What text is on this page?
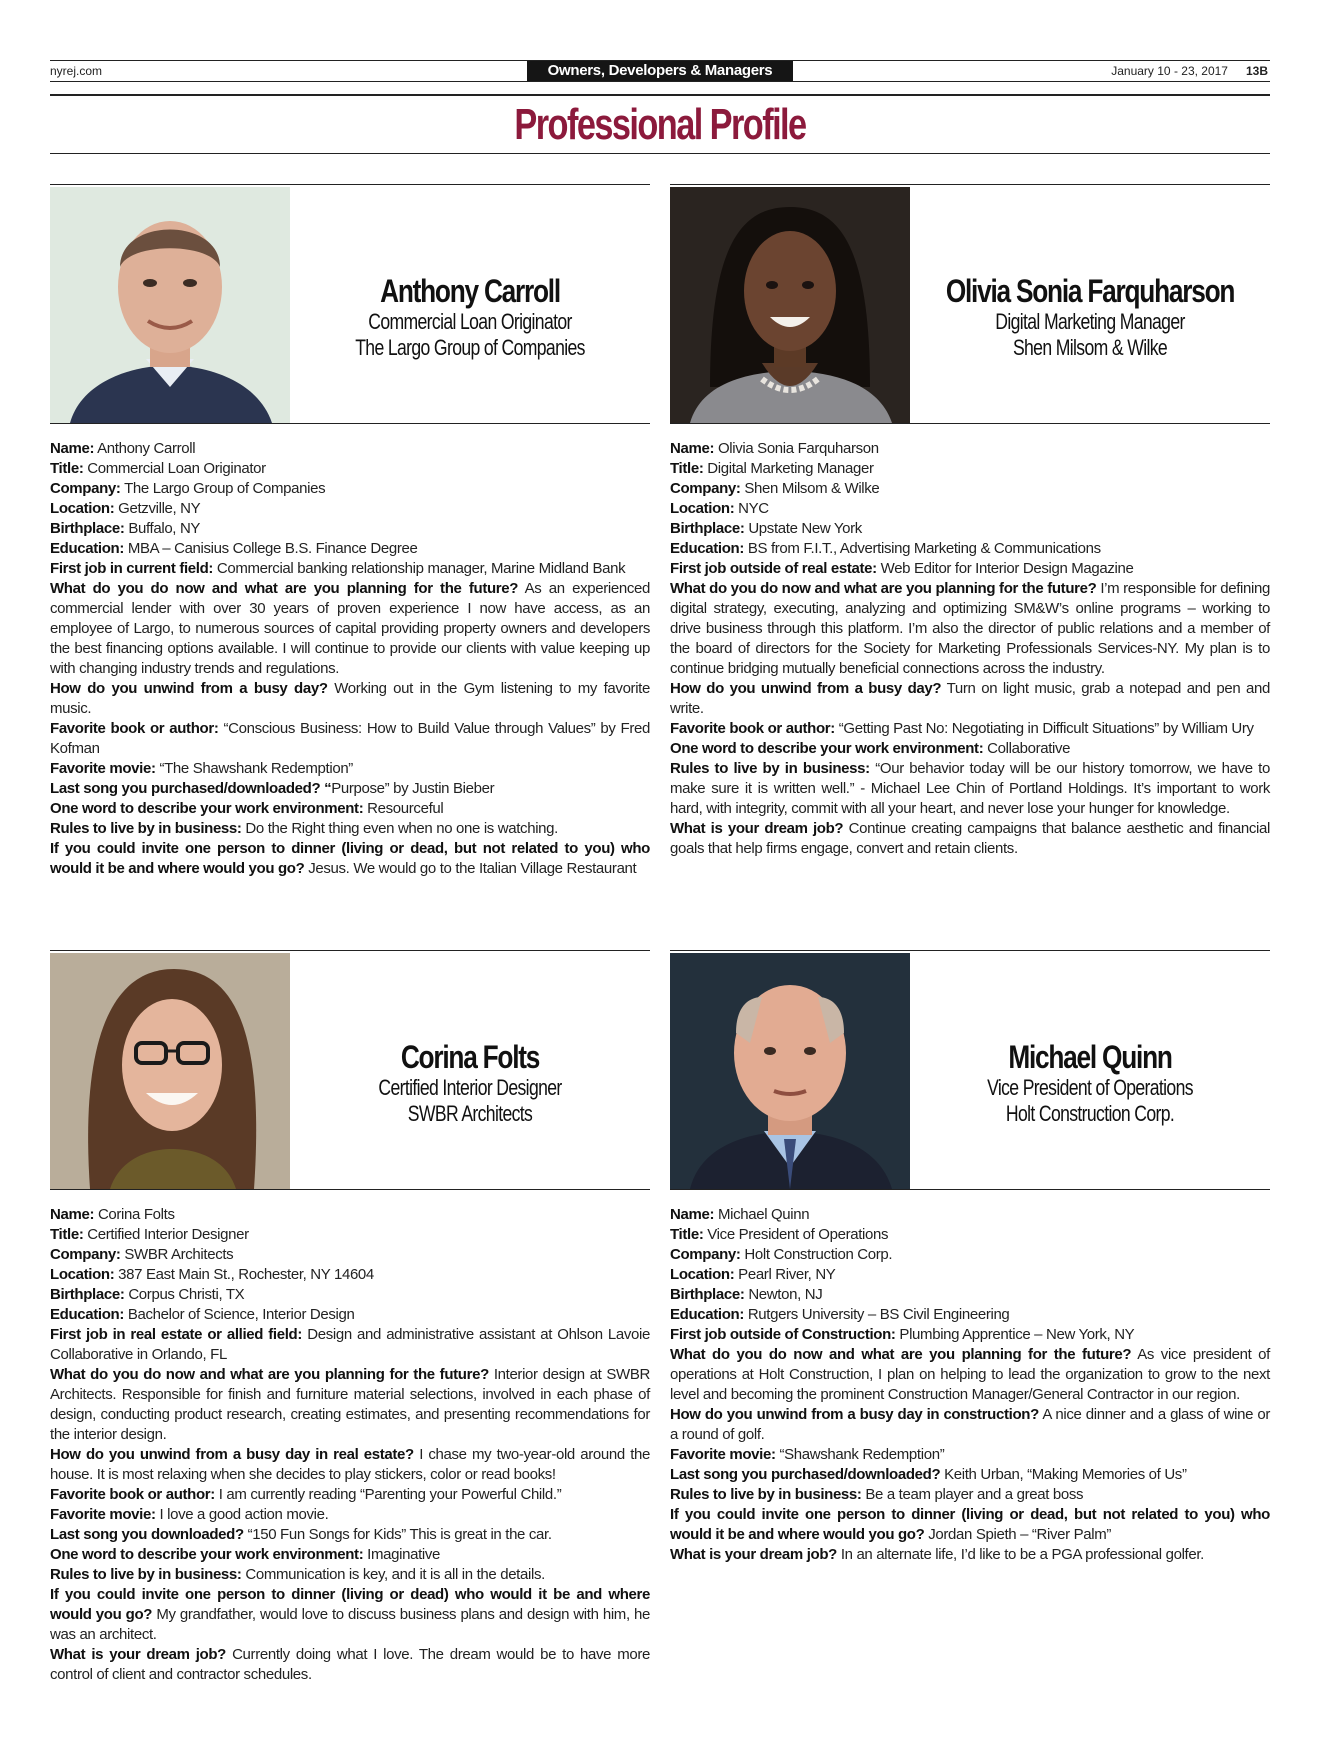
nyrej.com	Owners, Developers & Managers	January 10 - 23, 2017 13B
Professional Profile
Anthony Carroll
Commercial Loan Originator
The Largo Group of Companies

Name: Anthony Carroll

Title: Commercial Loan Originator

Company: The Largo Group of Companies

Location: Getzville, NY

Birthplace: Buffalo, NY

Education: MBA – Canisius College B.S. Finance Degree

First job in current field: Commercial banking relationship manager, Marine Midland Bank

What do you do now and what are you planning for the future? As an experienced commercial lender with over 30 years of proven experience I now have access, as an employee of Largo, to numerous sources of capital providing property owners and developers the best financing options available. I will continue to provide our clients with value keeping up with changing industry trends and regulations.

How do you unwind from a busy day? Working out in the Gym listening to my favorite music.

Favorite book or author: “Conscious Business: How to Build Value through Values” by Fred Kofman

Favorite movie: “The Shawshank Redemption”

Last song you purchased/downloaded? “Purpose” by Justin Bieber

One word to describe your work environment: Resourceful

Rules to live by in business: Do the Right thing even when no one is watching.

If you could invite one person to dinner (living or dead, but not related to you) who would it be and where would you go? Jesus. We would go to the Italian Village Restaurant

Olivia Sonia Farquharson
Digital Marketing Manager
Shen Milsom & Wilke

Name: Olivia Sonia Farquharson

Title: Digital Marketing Manager

Company: Shen Milsom & Wilke

Location: NYC

Birthplace: Upstate New York

Education: BS from F.I.T., Advertising Marketing & Communications

First job outside of real estate: Web Editor for Interior Design Magazine

What do you do now and what are you planning for the future? I’m responsible for defining digital strategy, executing, analyzing and optimizing SM&W’s online programs – working to drive business through this platform. I’m also the director of public relations and a member of the board of directors for the Society for Marketing Professionals Services-NY. My plan is to continue bridging mutually beneficial connections across the industry.

How do you unwind from a busy day? Turn on light music, grab a notepad and pen and write.

Favorite book or author: “Getting Past No: Negotiating in Difficult Situations” by William Ury

One word to describe your work environment: Collaborative

Rules to live by in business: “Our behavior today will be our history tomorrow, we have to make sure it is written well.” - Michael Lee Chin of Portland Holdings. It’s important to work hard, with integrity, commit with all your heart, and never lose your hunger for knowledge.

What is your dream job? Continue creating campaigns that balance aesthetic and financial goals that help firms engage, convert and retain clients.

Corina Folts
Certified Interior Designer
SWBR Architects

Name: Corina Folts

Title: Certified Interior Designer

Company: SWBR Architects

Location: 387 East Main St., Rochester, NY 14604

Birthplace: Corpus Christi, TX

Education: Bachelor of Science, Interior Design

First job in real estate or allied field: Design and administrative assistant at Ohlson Lavoie Collaborative in Orlando, FL

What do you do now and what are you planning for the future? Interior design at SWBR Architects. Responsible for finish and furniture material selections, involved in each phase of design, conducting product research, creating estimates, and presenting recommendations for the interior design.

How do you unwind from a busy day in real estate? I chase my two-year-old around the house. It is most relaxing when she decides to play stickers, color or read books!

Favorite book or author: I am currently reading “Parenting your Powerful Child.”

Favorite movie: I love a good action movie.

Last song you downloaded? “150 Fun Songs for Kids” This is great in the car.

One word to describe your work environment: Imaginative

Rules to live by in business: Communication is key, and it is all in the details.

If you could invite one person to dinner (living or dead) who would it be and where would you go? My grandfather, would love to discuss business plans and design with him, he was an architect.

What is your dream job? Currently doing what I love. The dream would be to have more control of client and contractor schedules.

Michael Quinn
Vice President of Operations
Holt Construction Corp.

Name: Michael Quinn

Title: Vice President of Operations

Company: Holt Construction Corp.

Location: Pearl River, NY

Birthplace: Newton, NJ

Education: Rutgers University – BS Civil Engineering

First job outside of Construction: Plumbing Apprentice – New York, NY

What do you do now and what are you planning for the future? As vice president of operations at Holt Construction, I plan on helping to lead the organization to grow to the next level and becoming the prominent Construction Manager/General Contractor in our region.

How do you unwind from a busy day in construction? A nice dinner and a glass of wine or a round of golf.

Favorite movie: “Shawshank Redemption”

Last song you purchased/downloaded? Keith Urban, “Making Memories of Us”

Rules to live by in business: Be a team player and a great boss

If you could invite one person to dinner (living or dead, but not related to you) who would it be and where would you go? Jordan Spieth – “River Palm”

What is your dream job? In an alternate life, I’d like to be a PGA professional golfer.
